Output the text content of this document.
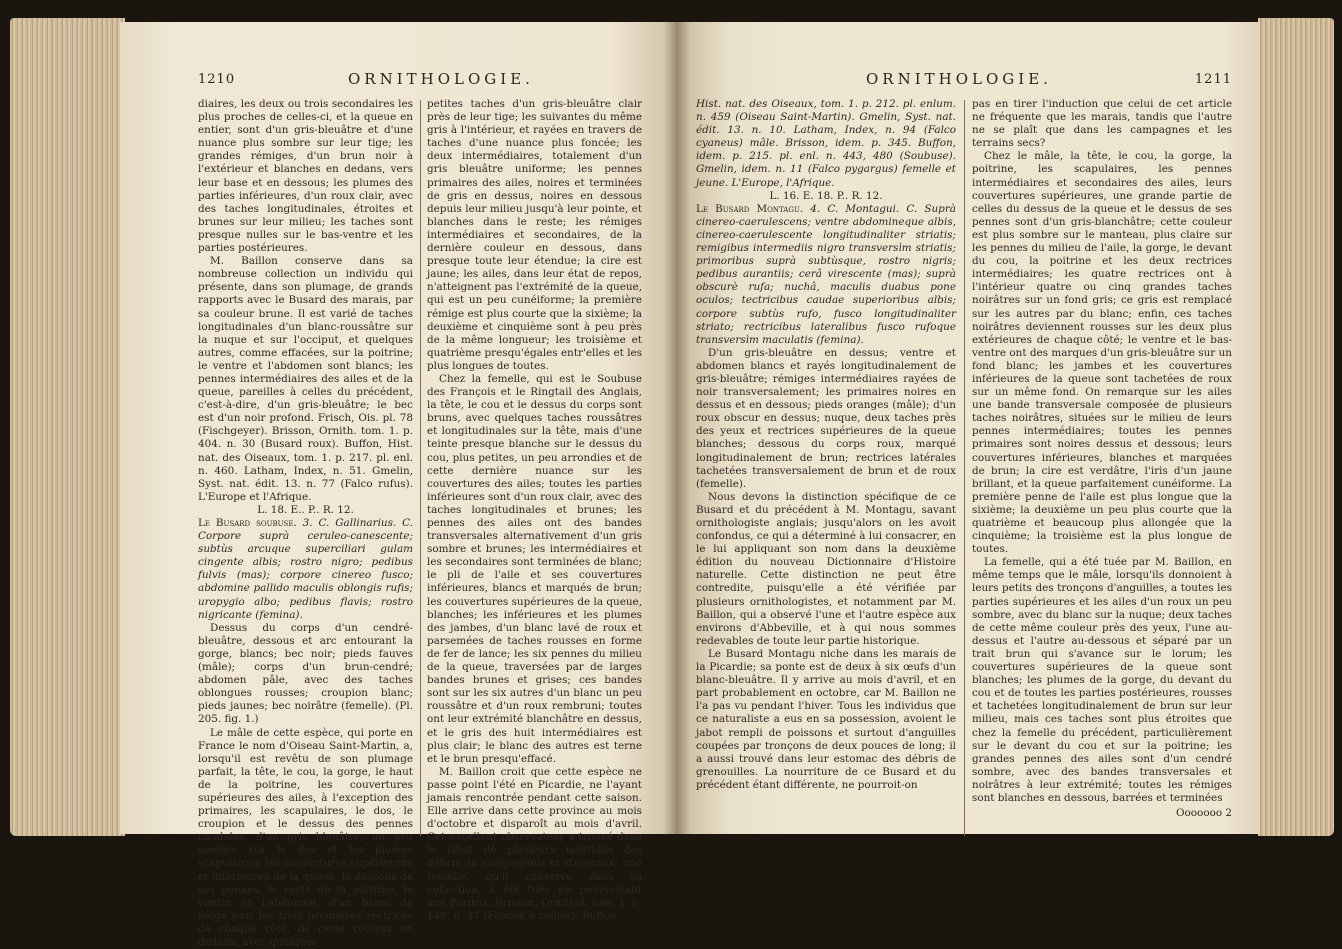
1210	ORNITHOLOGIE.

diaires, les deux ou trois secondaires les plus proches de celles-ci, et la queue en entier, sont d'un gris-bleuâtre et d'une nuance plus sombre sur leur tige; les grandes rémiges, d'un brun noir à l'extérieur et blanches en dedans, vers leur base et en dessous; les plumes des parties inférieures, d'un roux clair, avec des taches longitudinales, étroites et brunes sur leur milieu; les taches sont presque nulles sur le bas-ventre et les parties postérieures.

M. Baillon conserve dans sa nombreuse collection un individu qui présente, dans son plumage, de grands rapports avec le Busard des marais, par sa couleur brune. Il est varié de taches longitudinales d'un blanc-roussâtre sur la nuque et sur l'occiput, et quelques autres, comme effacées, sur la poitrine; le ventre et l'abdomen sont blancs; les pennes intermédiaires des ailes et de la queue, pareilles à celles du précédent, c'est-à-dire, d'un gris-bleuâtre; le bec est d'un noir profond. Frisch, Ois. pl. 78 (Fischgeyer). Brisson, Ornith. tom. 1. p. 404. n. 30 (Busard roux). Buffon, Hist. nat. des Oiseaux, tom. 1. p. 217. pl. enl. n. 460. Latham, Index, n. 51. Gmelin, Syst. nat. édit. 13. n. 77 (Falco rufus). L'Europe et l'Afrique.

L. 18. E.. P.. R. 12.

Le Busard soubuse. 3. C. Gallinarius. C. Corpore suprà ceruleo-canescente; subtùs arcuque superciliari gulam cingente albis; rostro nigro; pedibus fulvis (mas); corpore cinereo fusco; abdomine pallido maculis oblongis rufis; uropygio albo; pedibus flavis; rostro nigricante (femina).

Dessus du corps d'un cendré-bleuâtre, dessous et arc entourant la gorge, blancs; bec noir; pieds fauves (mâle); corps d'un brun-cendré; abdomen pâle, avec des taches oblongues rousses; croupion blanc; pieds jaunes; bec noirâtre (femelle). (Pl. 205. fig. 1.)

Le mâle de cette espèce, qui porte en France le nom d'Oiseau Saint-Martin, a, lorsqu'il est revêtu de son plumage parfait, la tête, le cou, la gorge, le haut de la poitrine, les couvertures supérieures des ailes, à l'exception des primaires, les scapulaires, le dos, le croupion et le dessus des pennes caudales, d'un gris bleuâtre, un peu sombre sur le dos et les plumes scapulaires; les couvertures supérieures et inférieures de la queue, le dessous de ses pennes, le reste de la poitrine, le ventre et l'abdomen, d'un blanc de neige pur; les trois premières rectrices de chaque côté, de cette couleur en dedans, avec quelques

petites taches d'un gris-bleuâtre clair près de leur tige; les suivantes du même gris à l'intérieur, et rayées en travers de taches d'une nuance plus foncée; les deux intermédiaires, totalement d'un gris bleuâtre uniforme; les pennes primaires des ailes, noires et terminées de gris en dessus, noires en dessous depuis leur milieu jusqu'à leur pointe, et blanches dans le reste; les rémiges intermédiaires et secondaires, de la dernière couleur en dessous, dans presque toute leur étendue; la cire est jaune; les ailes, dans leur état de repos, n'atteignent pas l'extrémité de la queue, qui est un peu cunéiforme; la première rémige est plus courte que la sixième; la deuxième et cinquième sont à peu près de la même longueur; les troisième et quatrième presqu'égales entr'elles et les plus longues de toutes.

Chez la femelle, qui est le Soubuse des François et le Ringtail des Anglais, la tête, le cou et le dessus du corps sont bruns, avec quelques taches roussâtres et longitudinales sur la tête, mais d'une teinte presque blanche sur le dessus du cou, plus petites, un peu arrondies et de cette dernière nuance sur les couvertures des ailes; toutes les parties inférieures sont d'un roux clair, avec des taches longitudinales et brunes; les pennes des ailes ont des bandes transversales alternativement d'un gris sombre et brunes; les intermédiaires et les secondaires sont terminées de blanc; le pli de l'aile et ses couvertures inférieures, blancs et marqués de brun; les couvertures supérieures de la queue, blanches; les inférieures et les plumes des jambes, d'un blanc lavé de roux et parsemées de taches rousses en forme de fer de lance; les six pennes du milieu de la queue, traversées par de larges bandes brunes et grises; ces bandes sont sur les six autres d'un blanc un peu roussâtre et d'un roux rembruni; toutes ont leur extrémité blanchâtre en dessus, et le gris des huit intermédiaires est plus clair; le blanc des autres est terne et le brun presqu'effacé.

M. Baillon croit que cette espèce ne passe point l'été en Picardie, ne l'ayant jamais rencontrée pendant cette saison. Elle arrive dans cette province au mois d'octobre et disparoît au mois d'avril. Cet excellent observateur a trouvé dans le jabot de plusieurs individus des débris de campagnols et d'oiseaux; une femelle, qu'il conserve dans sa collection, a été tuée en poursuivant une Perdrix. Brisson, Ornithol. tom. 1. p. 148. n. 37 (Faucon à collier). Buffon,

ORNITHOLOGIE.	1211

Hist. nat. des Oiseaux, tom. 1. p. 212. pl. enlum. n. 459 (Oiseau Saint-Martin). Gmelin, Syst. nat. édit. 13. n. 10. Latham, Index, n. 94 (Falco cyaneus) mâle. Brisson, idem. p. 345. Buffon, idem. p. 215. pl. enl. n. 443, 480 (Soubuse). Gmelin, idem. n. 11 (Falco pygargus) femelle et jeune. L'Europe, l'Afrique.

L. 16. E. 18. P.. R. 12.

Le Busard Montagu. 4. C. Montagui. C. Suprà cinereo-caerulescens; ventre abdomineque albis, cinereo-caerulescente longitudinaliter striatis; remigibus intermediis nigro transversìm striatis; primoribus suprà subtùsque, rostro nigris; pedibus aurantiis; cerâ virescente (mas); suprà obscurè rufa; nuchâ, maculis duabus pone oculos; tectricibus caudae superioribus albis; corpore subtùs rufo, fusco longitudinaliter striato; rectricibus lateralibus fusco rufoque transversìm maculatis (femina).

D'un gris-bleuâtre en dessus; ventre et abdomen blancs et rayés longitudinalement de gris-bleuâtre; rémiges intermédiaires rayées de noir transversalement; les primaires noires en dessus et en dessous; pieds oranges (mâle); d'un roux obscur en dessus; nuque, deux taches près des yeux et rectrices supérieures de la queue blanches; dessous du corps roux, marqué longitudinalement de brun; rectrices latérales tachetées transversalement de brun et de roux (femelle).

Nous devons la distinction spécifique de ce Busard et du précédent à M. Montagu, savant ornithologiste anglais; jusqu'alors on les avoit confondus, ce qui a déterminé à lui consacrer, en le lui appliquant son nom dans la deuxième édition du nouveau Dictionnaire d'Histoire naturelle. Cette distinction ne peut être contredite, puisqu'elle a été vérifiée par plusieurs ornithologistes, et notamment par M. Baillon, qui a observé l'une et l'autre espèce aux environs d'Abbeville, et à qui nous sommes redevables de toute leur partie historique.

Le Busard Montagu niche dans les marais de la Picardie; sa ponte est de deux à six œufs d'un blanc-bleuâtre. Il y arrive au mois d'avril, et en part probablement en octobre, car M. Baillon ne l'a pas vu pendant l'hiver. Tous les individus que ce naturaliste a eus en sa possession, avoient le jabot rempli de poissons et surtout d'anguilles coupées par tronçons de deux pouces de long; il a aussi trouvé dans leur estomac des débris de grenouilles. La nourriture de ce Busard et du précédent étant différente, ne pourroit-on

pas en tirer l'induction que celui de cet article ne fréquente que les marais, tandis que l'autre ne se plaît que dans les campagnes et les terrains secs?

Chez le mâle, la tête, le cou, la gorge, la poitrine, les scapulaires, les pennes intermédiaires et secondaires des ailes, leurs couvertures supérieures, une grande partie de celles du dessus de la queue et le dessus de ses pennes sont d'un gris-blanchâtre; cette couleur est plus sombre sur le manteau, plus claire sur les pennes du milieu de l'aile, la gorge, le devant du cou, la poitrine et les deux rectrices intermédiaires; les quatre rectrices ont à l'intérieur quatre ou cinq grandes taches noirâtres sur un fond gris; ce gris est remplacé sur les autres par du blanc; enfin, ces taches noirâtres deviennent rousses sur les deux plus extérieures de chaque côté; le ventre et le bas-ventre ont des marques d'un gris-bleuâtre sur un fond blanc; les jambes et les couvertures inférieures de la queue sont tachetées de roux sur un même fond. On remarque sur les ailes une bande transversale composée de plusieurs taches noirâtres, situées sur le milieu de leurs pennes intermédiaires; toutes les pennes primaires sont noires dessus et dessous; leurs couvertures inférieures, blanches et marquées de brun; la cire est verdâtre, l'iris d'un jaune brillant, et la queue parfaitement cunéiforme. La première penne de l'aile est plus longue que la sixième; la deuxième un peu plus courte que la quatrième et beaucoup plus allongée que la cinquième; la troisième est la plus longue de toutes.

La femelle, qui a été tuée par M. Baillon, en même temps que le mâle, lorsqu'ils donnoient à leurs petits des tronçons d'anguilles, a toutes les parties supérieures et les ailes d'un roux un peu sombre, avec du blanc sur la nuque; deux taches de cette même couleur près des yeux, l'une au-dessus et l'autre au-dessous et séparé par un trait brun qui s'avance sur le lorum; les couvertures supérieures de la queue sont blanches; les plumes de la gorge, du devant du cou et de toutes les parties postérieures, rousses et tachetées longitudinalement de brun sur leur milieu, mais ces taches sont plus étroites que chez la femelle du précédent, particulièrement sur le devant du cou et sur la poitrine; les grandes pennes des ailes sont d'un cendré sombre, avec des bandes transversales et noirâtres à leur extrémité; toutes les rémiges sont blanches en dessous, barrées et terminées

Ooooooo 2
